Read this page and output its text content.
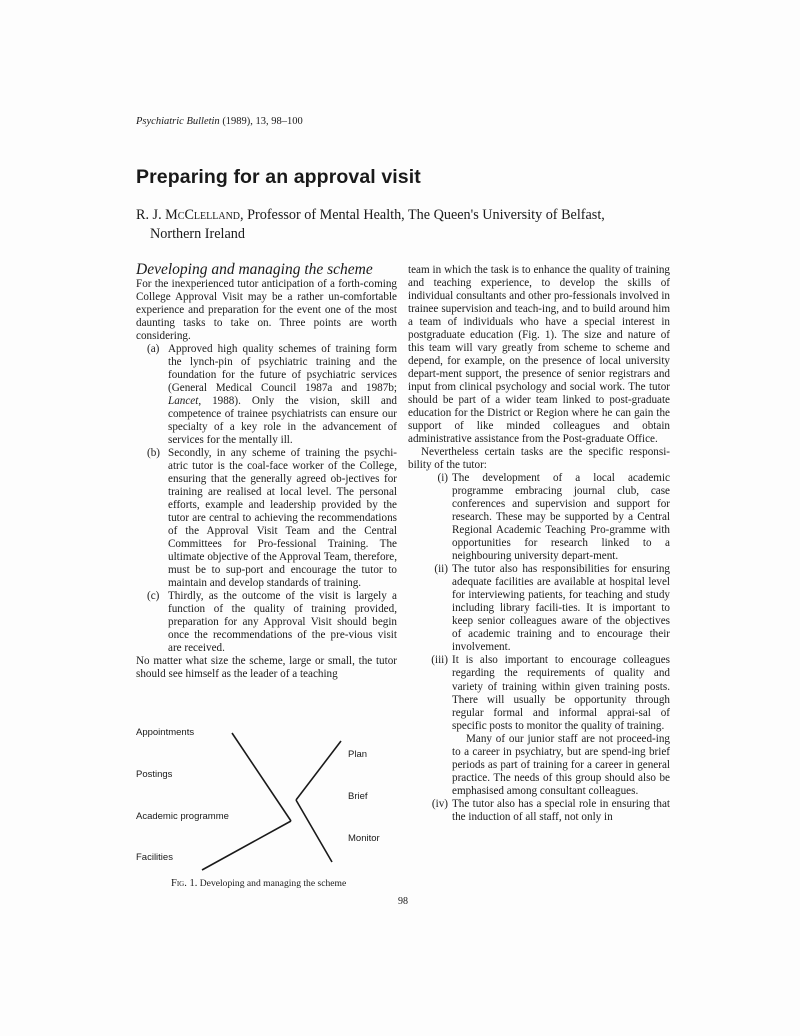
Psychiatric Bulletin (1989), 13, 98–100
Preparing for an approval visit
R. J. McClelland, Professor of Mental Health, The Queen's University of Belfast,
Northern Ireland

Developing and managing the scheme

For the inexperienced tutor anticipation of a forth-coming College Approval Visit may be a rather un-comfortable experience and preparation for the event one of the most daunting tasks to take on. Three points are worth considering.

(a) Approved high quality schemes of training form the lynch-pin of psychiatric training and the foundation for the future of psychiatric services (General Medical Council 1987a and 1987b; Lancet, 1988). Only the vision, skill and competence of trainee psychiatrists can ensure our specialty of a key role in the advancement of services for the mentally ill.
(b) Secondly, in any scheme of training the psychi-atric tutor is the coal-face worker of the College, ensuring that the generally agreed ob-jectives for training are realised at local level. The personal efforts, example and leadership provided by the tutor are central to achieving the recommendations of the Approval Visit Team and the Central Committees for Pro-fessional Training. The ultimate objective of the Approval Team, therefore, must be to sup-port and encourage the tutor to maintain and develop standards of training.
(c) Thirdly, as the outcome of the visit is largely a function of the quality of training provided, preparation for any Approval Visit should begin once the recommendations of the pre-vious visit are received.

No matter what size the scheme, large or small, the tutor should see himself as the leader of a teaching

Appointments
Postings
Academic programme
Facilities
Plan
Brief
Monitor
Fig. 1. Developing and managing the scheme

team in which the task is to enhance the quality of training and teaching experience, to develop the skills of individual consultants and other pro-fessionals involved in trainee supervision and teach-ing, and to build around him a team of individuals who have a special interest in postgraduate education (Fig. 1). The size and nature of this team will vary greatly from scheme to scheme and depend, for example, on the presence of local university depart-ment support, the presence of senior registrars and input from clinical psychology and social work. The tutor should be part of a wider team linked to post-graduate education for the District or Region where he can gain the support of like minded colleagues and obtain administrative assistance from the Post-graduate Office.

Nevertheless certain tasks are the specific responsi-bility of the tutor:

(i) The development of a local academic programme embracing journal club, case conferences and supervision and support for research. These may be supported by a Central Regional Academic Teaching Pro-gramme with opportunities for research linked to a neighbouring university depart-ment.
(ii) The tutor also has responsibilities for ensuring adequate facilities are available at hospital level for interviewing patients, for teaching and study including library facili-ties. It is important to keep senior colleagues aware of the objectives of academic training and to encourage their involvement.
(iii) It is also important to encourage colleagues regarding the requirements of quality and variety of training within given training posts. There will usually be opportunity through regular formal and informal apprai-sal of specific posts to monitor the quality of training.
Many of our junior staff are not proceed-ing to a career in psychiatry, but are spend-ing brief periods as part of training for a career in general practice. The needs of this group should also be emphasised among consultant colleagues.
(iv) The tutor also has a special role in ensuring that the induction of all staff, not only in
98
